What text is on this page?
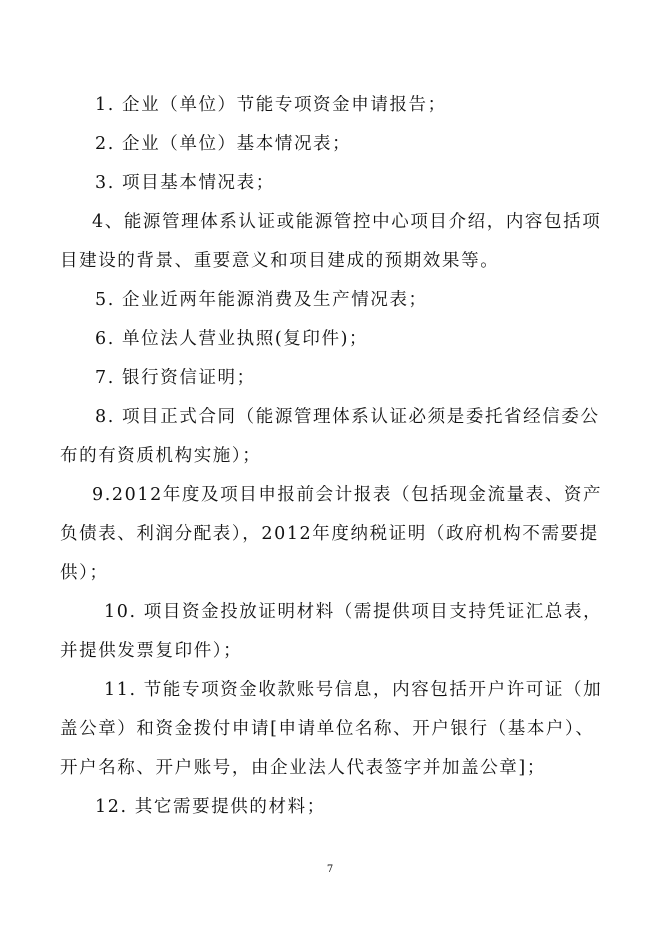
1. 企业（单位）节能专项资金申请报告；
2. 企业（单位）基本情况表；
3. 项目基本情况表；
4、能源管理体系认证或能源管控中心项目介绍，内容包括项
目建设的背景、重要意义和项目建成的预期效果等。
5. 企业近两年能源消费及生产情况表；
6. 单位法人营业执照(复印件)；
7. 银行资信证明；
8. 项目正式合同（能源管理体系认证必须是委托省经信委公
布的有资质机构实施）；
9.2012年度及项目申报前会计报表（包括现金流量表、资产
负债表、利润分配表），2012年度纳税证明（政府机构不需要提
供）；
10. 项目资金投放证明材料（需提供项目支持凭证汇总表，
并提供发票复印件）；
11. 节能专项资金收款账号信息，内容包括开户许可证（加
盖公章）和资金拨付申请[申请单位名称、开户银行（基本户）、
开户名称、开户账号，由企业法人代表签字并加盖公章]；
12. 其它需要提供的材料；
7
